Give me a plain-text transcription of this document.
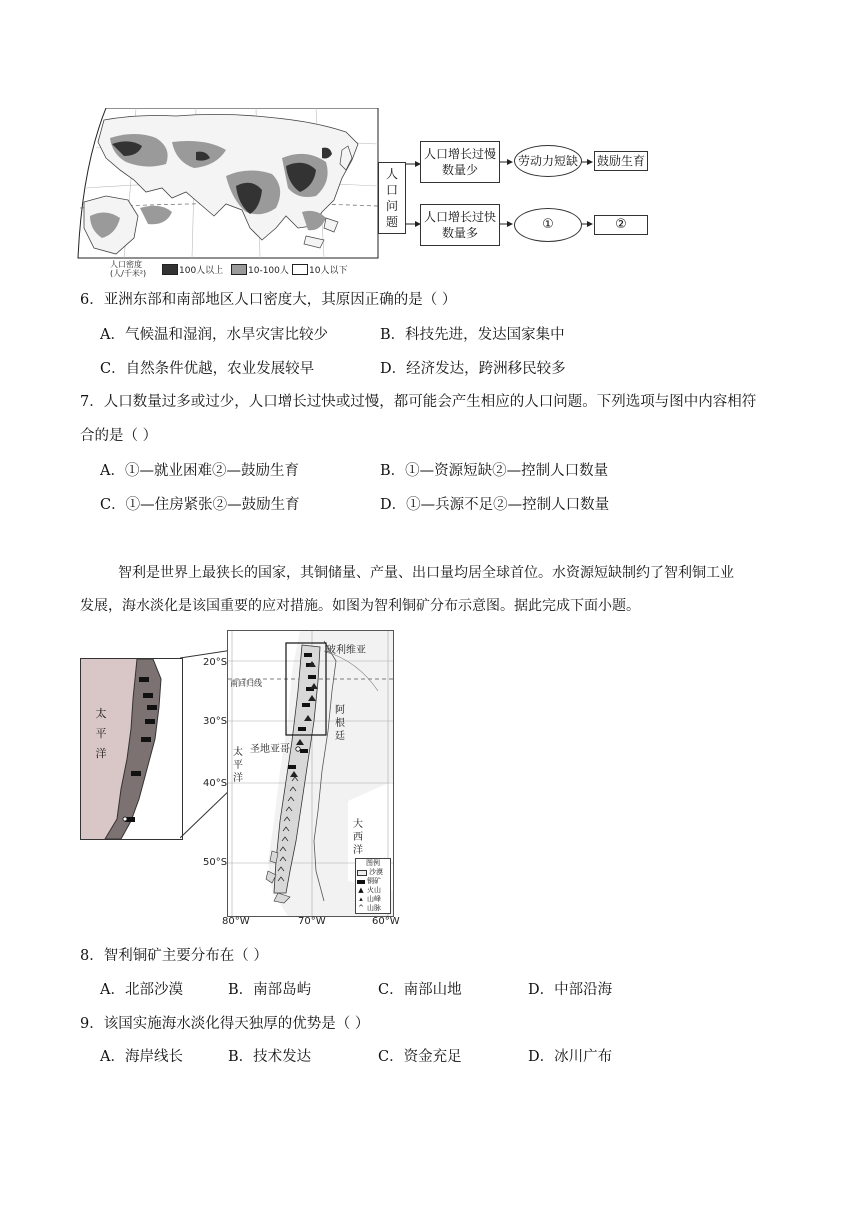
人口密度
(人/千米²)	100人以上	10-100人 10人以下
人
口
问
题
人口增长过慢
数量少
劳动力短缺	鼓励生育
人口增长过快
数量多
①	②
6．亚洲东部和南部地区人口密度大，其原因正确的是（ ）
A．气候温和湿润，水旱灾害比较少	B．科技先进，发达国家集中
C．自然条件优越，农业发展较早	D．经济发达，跨洲移民较多
7．人口数量过多或过少，人口增长过快或过慢，都可能会产生相应的人口问题。下列选项与图中内容相符
合的是（ ）
A．①—就业困难②—鼓励生育	B．①—资源短缺②—控制人口数量
C．①—住房紧张②—鼓励生育	D．①—兵源不足②—控制人口数量
智利是世界上最狭长的国家，其铜储量、产量、出口量均居全球首位。水资源短缺制约了智利铜工业
发展，海水淡化是该国重要的应对措施。如图为智利铜矿分布示意图。据此完成下面小题。
太
平
洋
20°S
30°S
40°S
50°S
80°W	70°W	60°W
南回归线
玻利维亚
阿
根
廷
圣地亚哥
太
平
洋
大
西
洋
图例
沙漠
铜矿
▲ 火山
▴ 山峰
^ 山脉
8．智利铜矿主要分布在（ ）
A．北部沙漠	B．南部岛屿	C．南部山地	D．中部沿海
9．该国实施海水淡化得天独厚的优势是（ ）
A．海岸线长	B．技术发达	C．资金充足	D．冰川广布
